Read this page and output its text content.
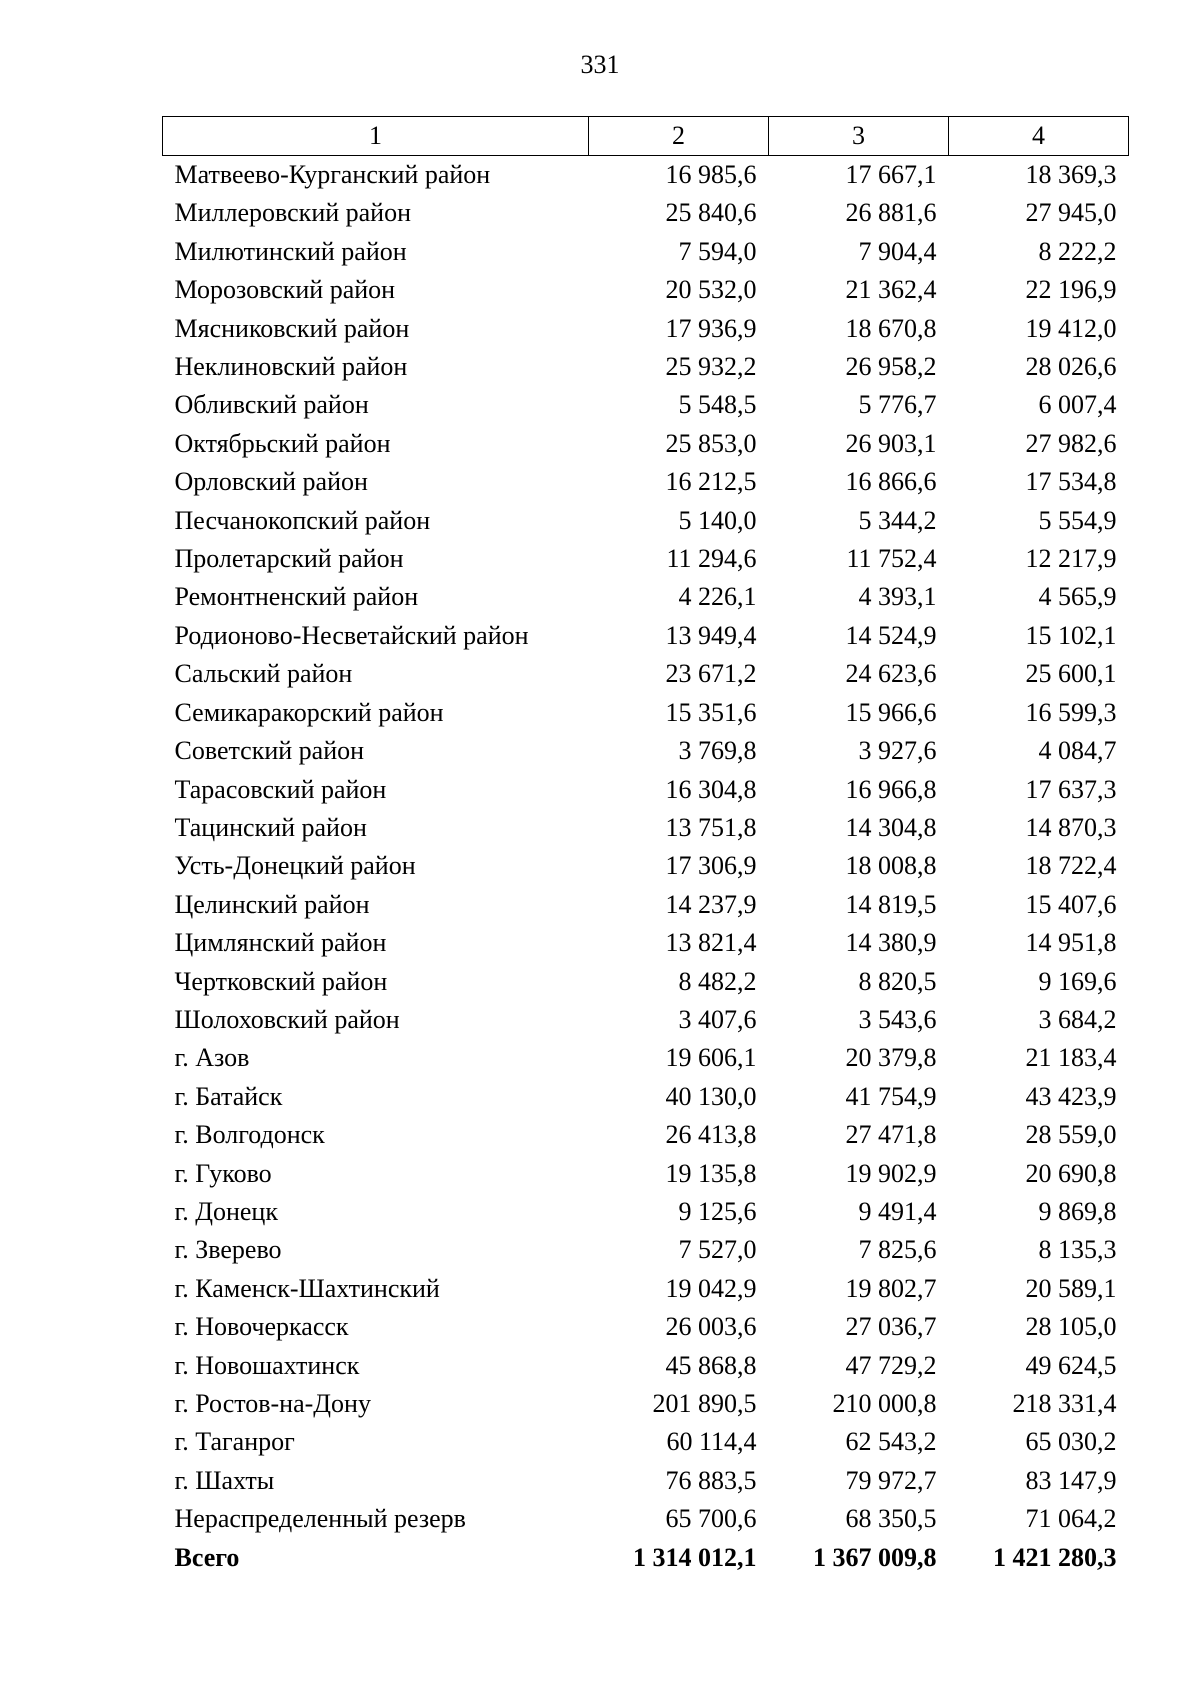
331
1	2	3	4
Матвеево-Курганский район	16 985,6	17 667,1	18 369,3
Миллеровский район	25 840,6	26 881,6	27 945,0
Милютинский район	7 594,0	7 904,4	8 222,2
Морозовский район	20 532,0	21 362,4	22 196,9
Мясниковский район	17 936,9	18 670,8	19 412,0
Неклиновский район	25 932,2	26 958,2	28 026,6
Обливский район	5 548,5	5 776,7	6 007,4
Октябрьский район	25 853,0	26 903,1	27 982,6
Орловский район	16 212,5	16 866,6	17 534,8
Песчанокопский район	5 140,0	5 344,2	5 554,9
Пролетарский район	11 294,6	11 752,4	12 217,9
Ремонтненский район	4 226,1	4 393,1	4 565,9
Родионово-Несветайский район	13 949,4	14 524,9	15 102,1
Сальский район	23 671,2	24 623,6	25 600,1
Семикаракорский район	15 351,6	15 966,6	16 599,3
Советский район	3 769,8	3 927,6	4 084,7
Тарасовский район	16 304,8	16 966,8	17 637,3
Тацинский район	13 751,8	14 304,8	14 870,3
Усть-Донецкий район	17 306,9	18 008,8	18 722,4
Целинский район	14 237,9	14 819,5	15 407,6
Цимлянский район	13 821,4	14 380,9	14 951,8
Чертковский район	8 482,2	8 820,5	9 169,6
Шолоховский район	3 407,6	3 543,6	3 684,2
г. Азов	19 606,1	20 379,8	21 183,4
г. Батайск	40 130,0	41 754,9	43 423,9
г. Волгодонск	26 413,8	27 471,8	28 559,0
г. Гуково	19 135,8	19 902,9	20 690,8
г. Донецк	9 125,6	9 491,4	9 869,8
г. Зверево	7 527,0	7 825,6	8 135,3
г. Каменск-Шахтинский	19 042,9	19 802,7	20 589,1
г. Новочеркасск	26 003,6	27 036,7	28 105,0
г. Новошахтинск	45 868,8	47 729,2	49 624,5
г. Ростов-на-Дону	201 890,5	210 000,8	218 331,4
г. Таганрог	60 114,4	62 543,2	65 030,2
г. Шахты	76 883,5	79 972,7	83 147,9
Нераспределенный резерв	65 700,6	68 350,5	71 064,2
Всего	1 314 012,1	1 367 009,8	1 421 280,3
